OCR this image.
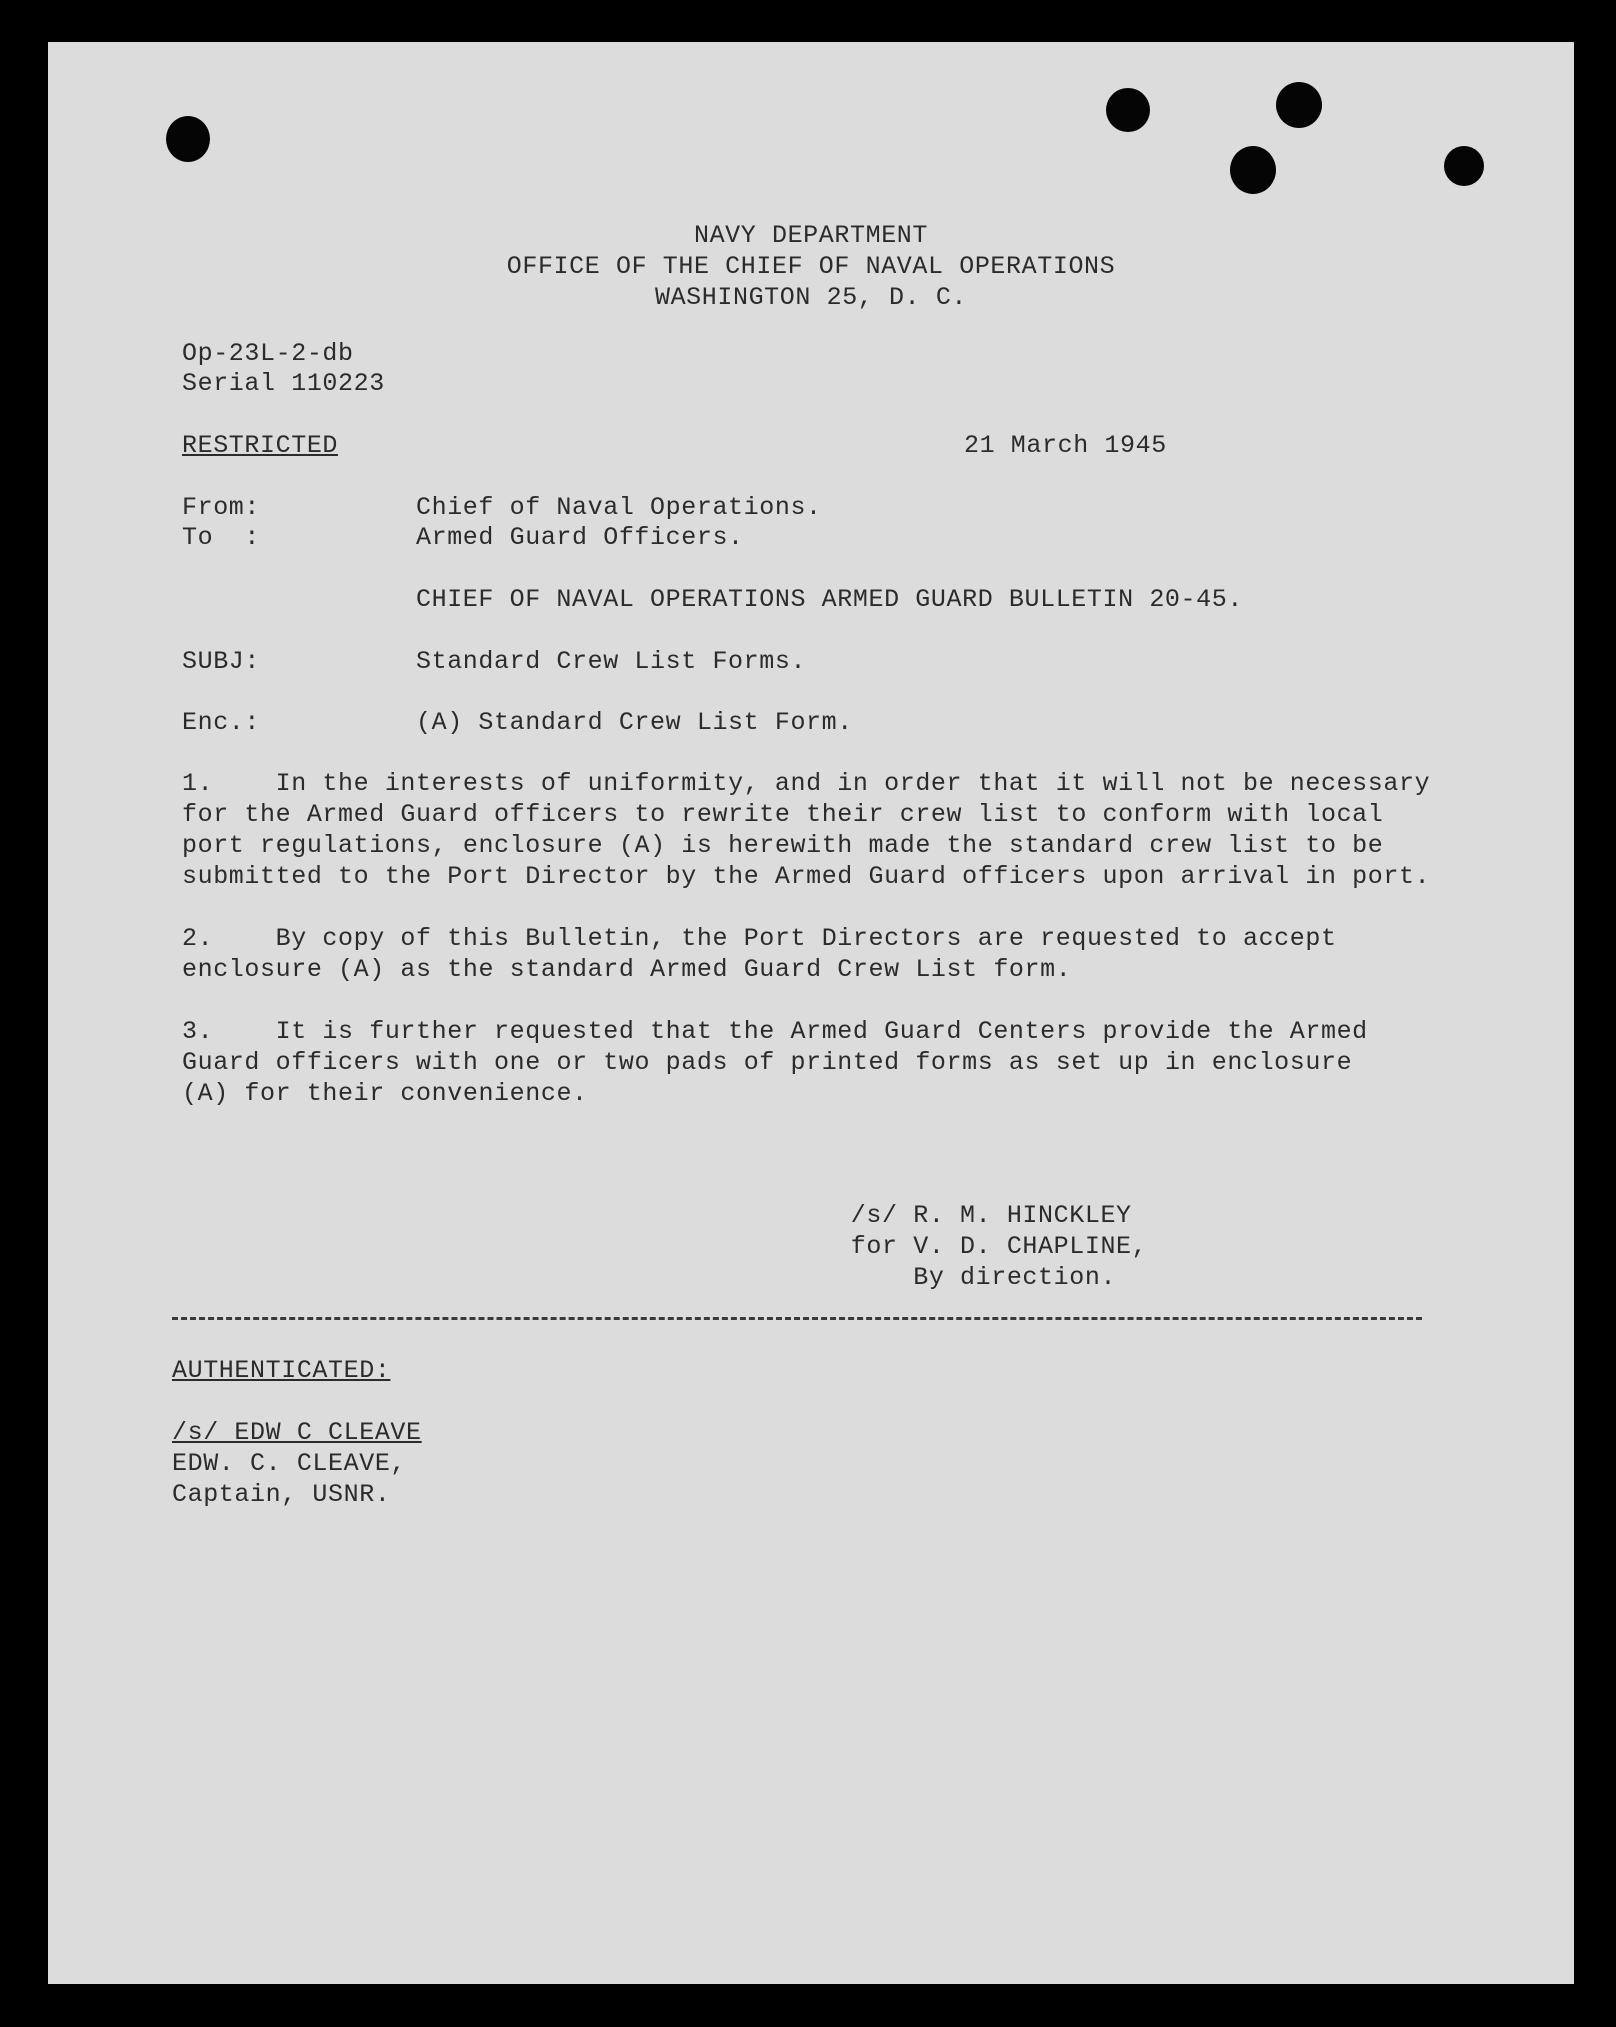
NAVY DEPARTMENT
OFFICE OF THE CHIEF OF NAVAL OPERATIONS
WASHINGTON 25, D. C.
Op-23L-2-db
Serial 110223
RESTRICTED	21 March 1945
From:	Chief of Naval Operations.
To  :	Armed Guard Officers.
CHIEF OF NAVAL OPERATIONS ARMED GUARD BULLETIN 20-45.
SUBJ:	Standard Crew List Forms.
Enc.:	(A) Standard Crew List Form.
1.    In the interests of uniformity, and in order that it will not be necessary
for the Armed Guard officers to rewrite their crew list to conform with local
port regulations, enclosure (A) is herewith made the standard crew list to be
submitted to the Port Director by the Armed Guard officers upon arrival in port.
2.    By copy of this Bulletin, the Port Directors are requested to accept
enclosure (A) as the standard Armed Guard Crew List form.
3.    It is further requested that the Armed Guard Centers provide the Armed
Guard officers with one or two pads of printed forms as set up in enclosure
(A) for their convenience.
/s/ R. M. HINCKLEY
for V. D. CHAPLINE,
By direction.
AUTHENTICATED:
/s/ EDW C CLEAVE
EDW. C. CLEAVE,
Captain, USNR.
